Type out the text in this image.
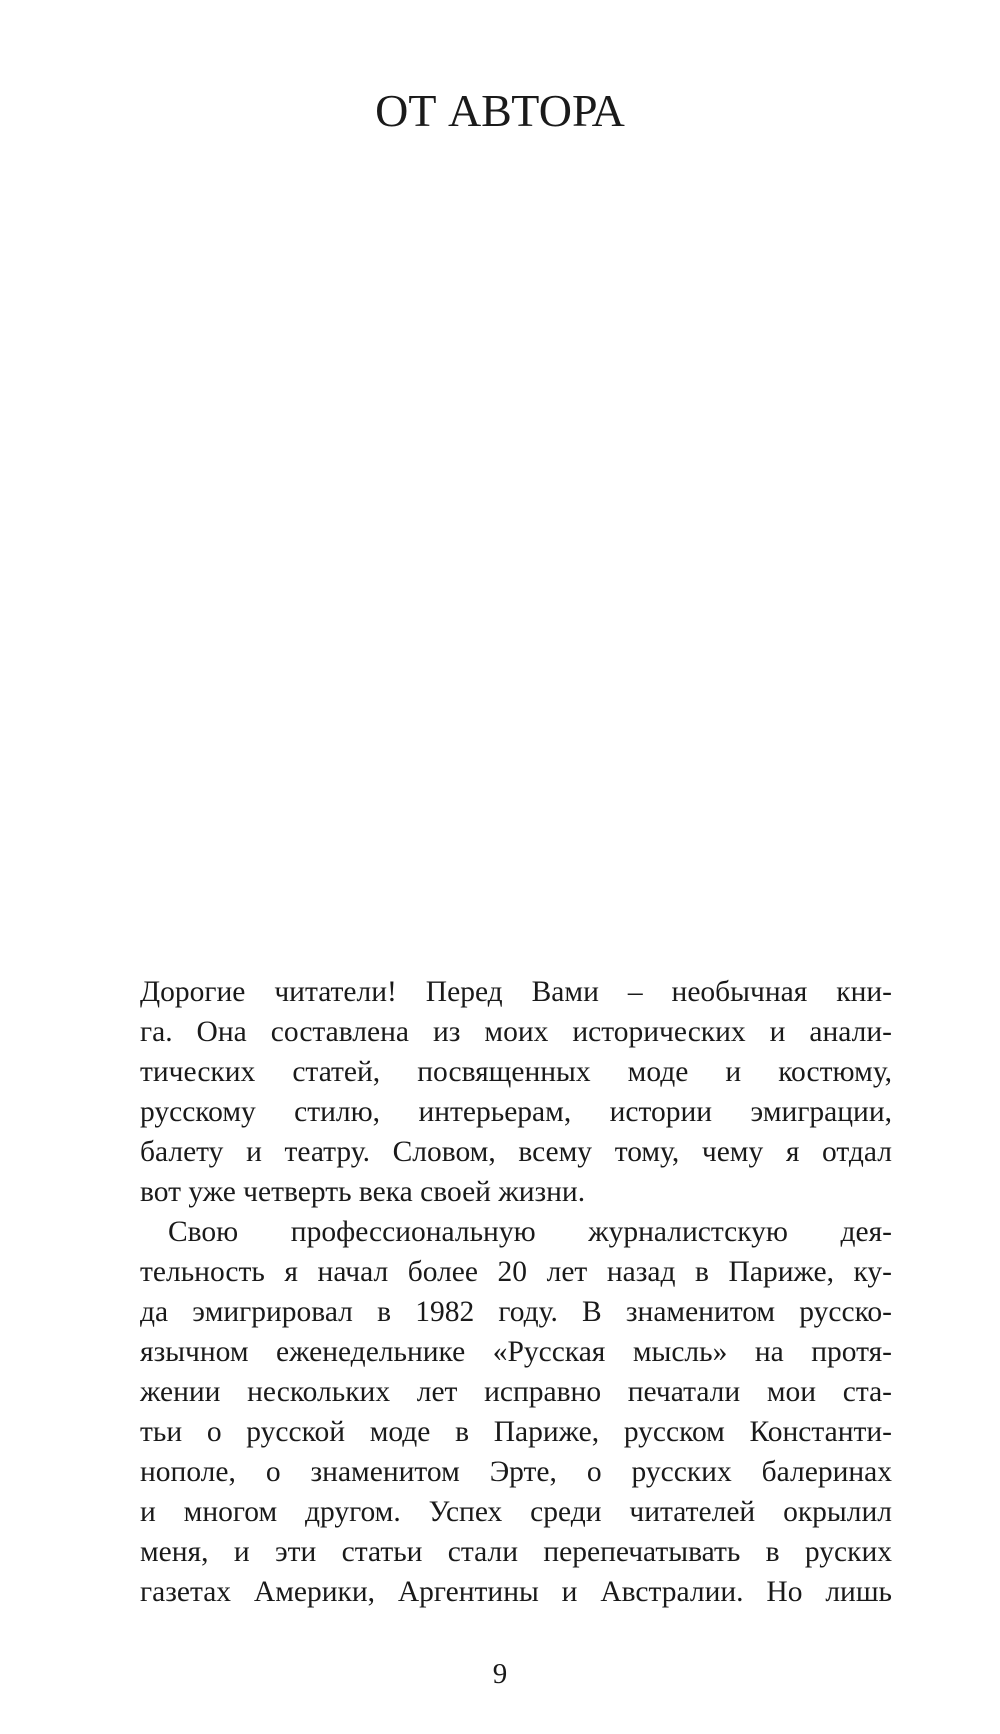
ОТ АВТОРА
Дорогие читатели! Перед Вами – необычная кни-
га. Она составлена из моих исторических и анали-
тических статей, посвященных моде и костюму,
русскому стилю, интерьерам, истории эмиграции,
балету и театру. Словом, всему тому, чему я отдал
вот уже четверть века своей жизни.
Свою профессиональную журналистскую дея-
тельность я начал более 20 лет назад в Париже, ку-
да эмигрировал в 1982 году. В знаменитом русско-
язычном еженедельнике «Русская мысль» на протя-
жении нескольких лет исправно печатали мои ста-
тьи о русской моде в Париже, русском Константи-
нополе, о знаменитом Эрте, о русских балеринах
и многом другом. Успех среди читателей окрылил
меня, и эти статьи стали перепечатывать в руских
газетах Америки, Аргентины и Австралии. Но лишь
9
